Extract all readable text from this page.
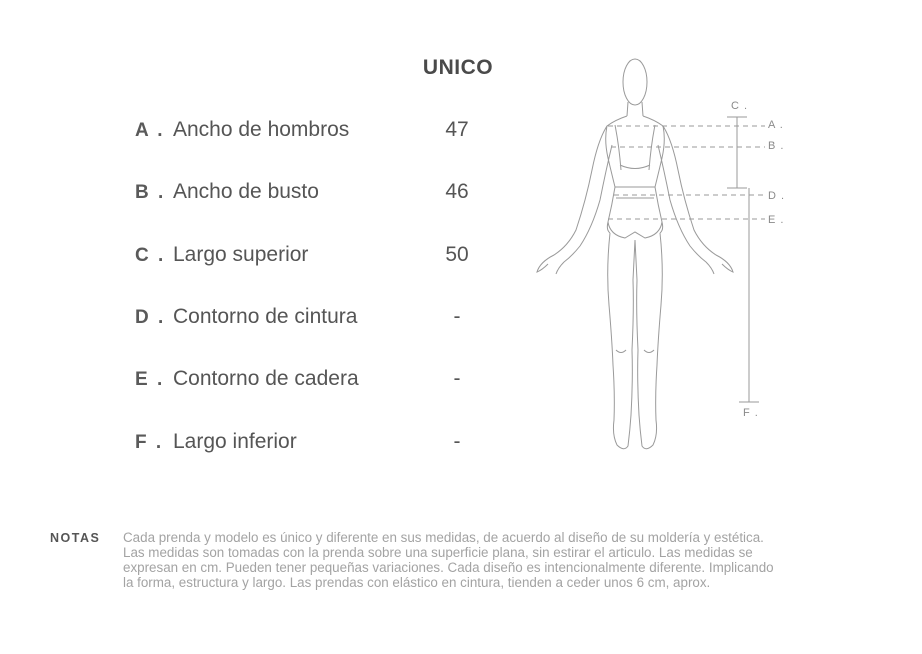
UNICO
A . Ancho de hombros	47
B . Ancho de busto	46
C . Largo superior	50
D . Contorno de cintura	-
E . Contorno de cadera	-
F . Largo inferior	-
C .
A .
B .
D .
E .
F .
NOTAS Cada prenda y modelo es único y diferente en sus medidas, de acuerdo al diseño de su moldería y estética.

Las medidas son tomadas con la prenda sobre una superficie plana, sin estirar el articulo. Las medidas se

expresan en cm. Pueden tener pequeñas variaciones. Cada diseño es intencionalmente diferente. Implicando

la forma, estructura y largo. Las prendas con elástico en cintura, tienden a ceder unos 6 cm, aprox.
